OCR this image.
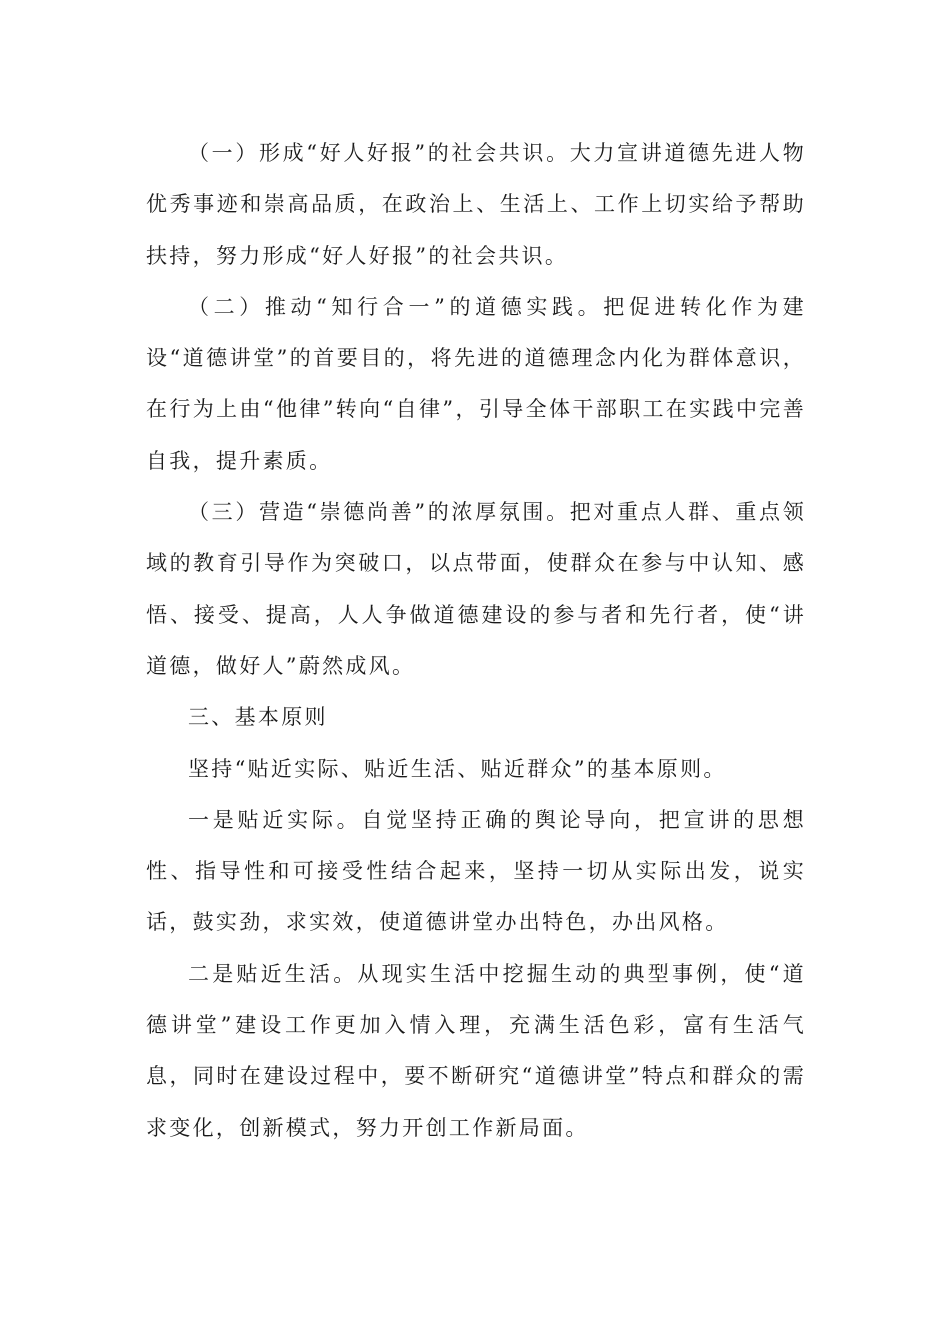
（一）形成“好人好报”的社会共识。大力宣讲道德先进人物优秀事迹和崇高品质，在政治上、生活上、工作上切实给予帮助扶持，努力形成“好人好报”的社会共识。

（二）推动“知行合一”的道德实践。把促进转化作为建设“道德讲堂”的首要目的，将先进的道德理念内化为群体意识，在行为上由“他律”转向“自律”，引导全体干部职工在实践中完善自我，提升素质。

（三）营造“崇德尚善”的浓厚氛围。把对重点人群、重点领域的教育引导作为突破口，以点带面，使群众在参与中认知、感悟、接受、提高，人人争做道德建设的参与者和先行者，使“讲道德，做好人”蔚然成风。

三、基本原则

坚持“贴近实际、贴近生活、贴近群众”的基本原则。

一是贴近实际。自觉坚持正确的舆论导向，把宣讲的思想性、指导性和可接受性结合起来，坚持一切从实际出发，说实话，鼓实劲，求实效，使道德讲堂办出特色，办出风格。

二是贴近生活。从现实生活中挖掘生动的典型事例，使“道德讲堂”建设工作更加入情入理，充满生活色彩，富有生活气息，同时在建设过程中，要不断研究“道德讲堂”特点和群众的需求变化，创新模式，努力开创工作新局面。
